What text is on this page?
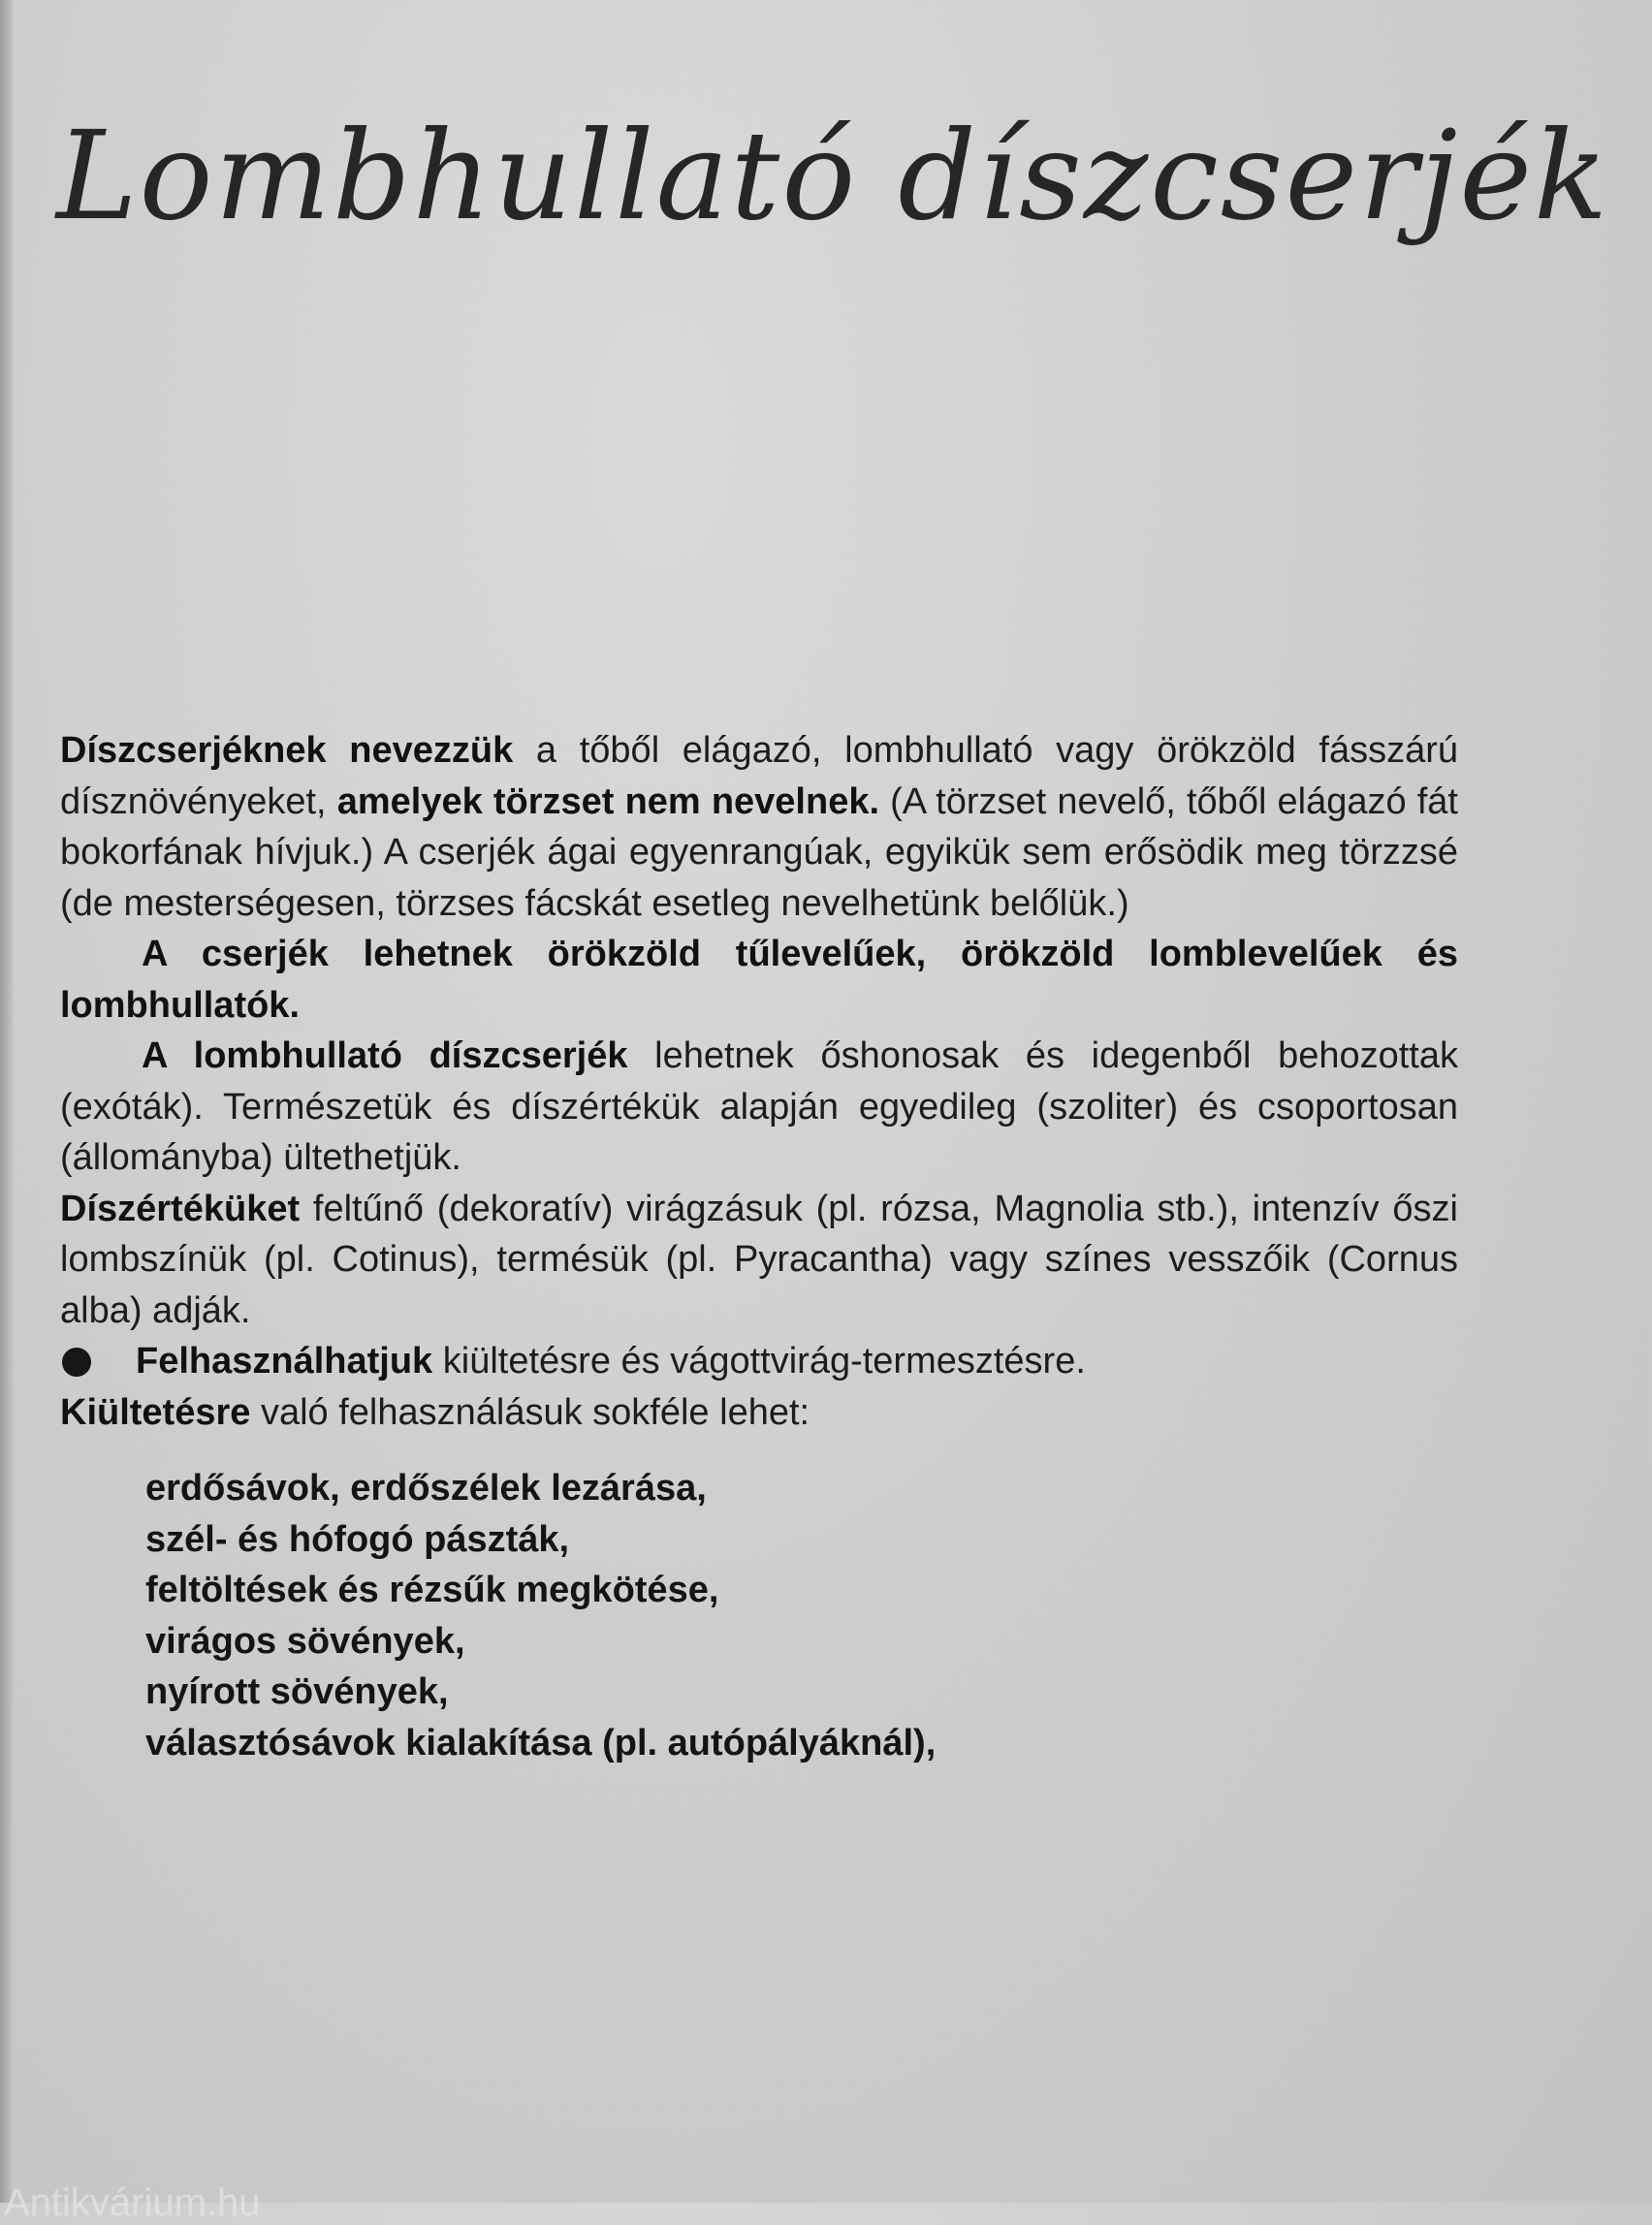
Lombhullató díszcserjék

Díszcserjéknek nevezzük a tőből elágazó, lombhullató vagy örökzöld fásszárú dísznövényeket, amelyek törzset nem nevelnek. (A törzset nevelő, tőből elágazó fát bokorfának hívjuk.) A cserjék ágai egyenrangúak, egyikük sem erősödik meg törzzsé (de mesterségesen, törzses fácskát esetleg nevelhetünk belőlük.)

A cserjék lehetnek örökzöld tűlevelűek, örökzöld lomblevelűek és lombhullatók.

A lombhullató díszcserjék lehetnek őshonosak és idegenből behozottak (exóták). Természetük és díszértékük alapján egyedileg (szoliter) és csoportosan (állományba) ültethetjük.

Díszértéküket feltűnő (dekoratív) virágzásuk (pl. rózsa, Magnolia stb.), intenzív őszi lombszínük (pl. Cotinus), termésük (pl. Pyracantha) vagy színes vesszőik (Cornus alba) adják.

Felhasználhatjuk kiültetésre és vágottvirág-termesztésre.

Kiültetésre való felhasználásuk sokféle lehet:

erdősávok, erdőszélek lezárása,
szél- és hófogó pászták,
feltöltések és rézsűk megkötése,
virágos sövények,
nyírott sövények,
választósávok kialakítása (pl. autópályáknál),
Antikvárium.hu
